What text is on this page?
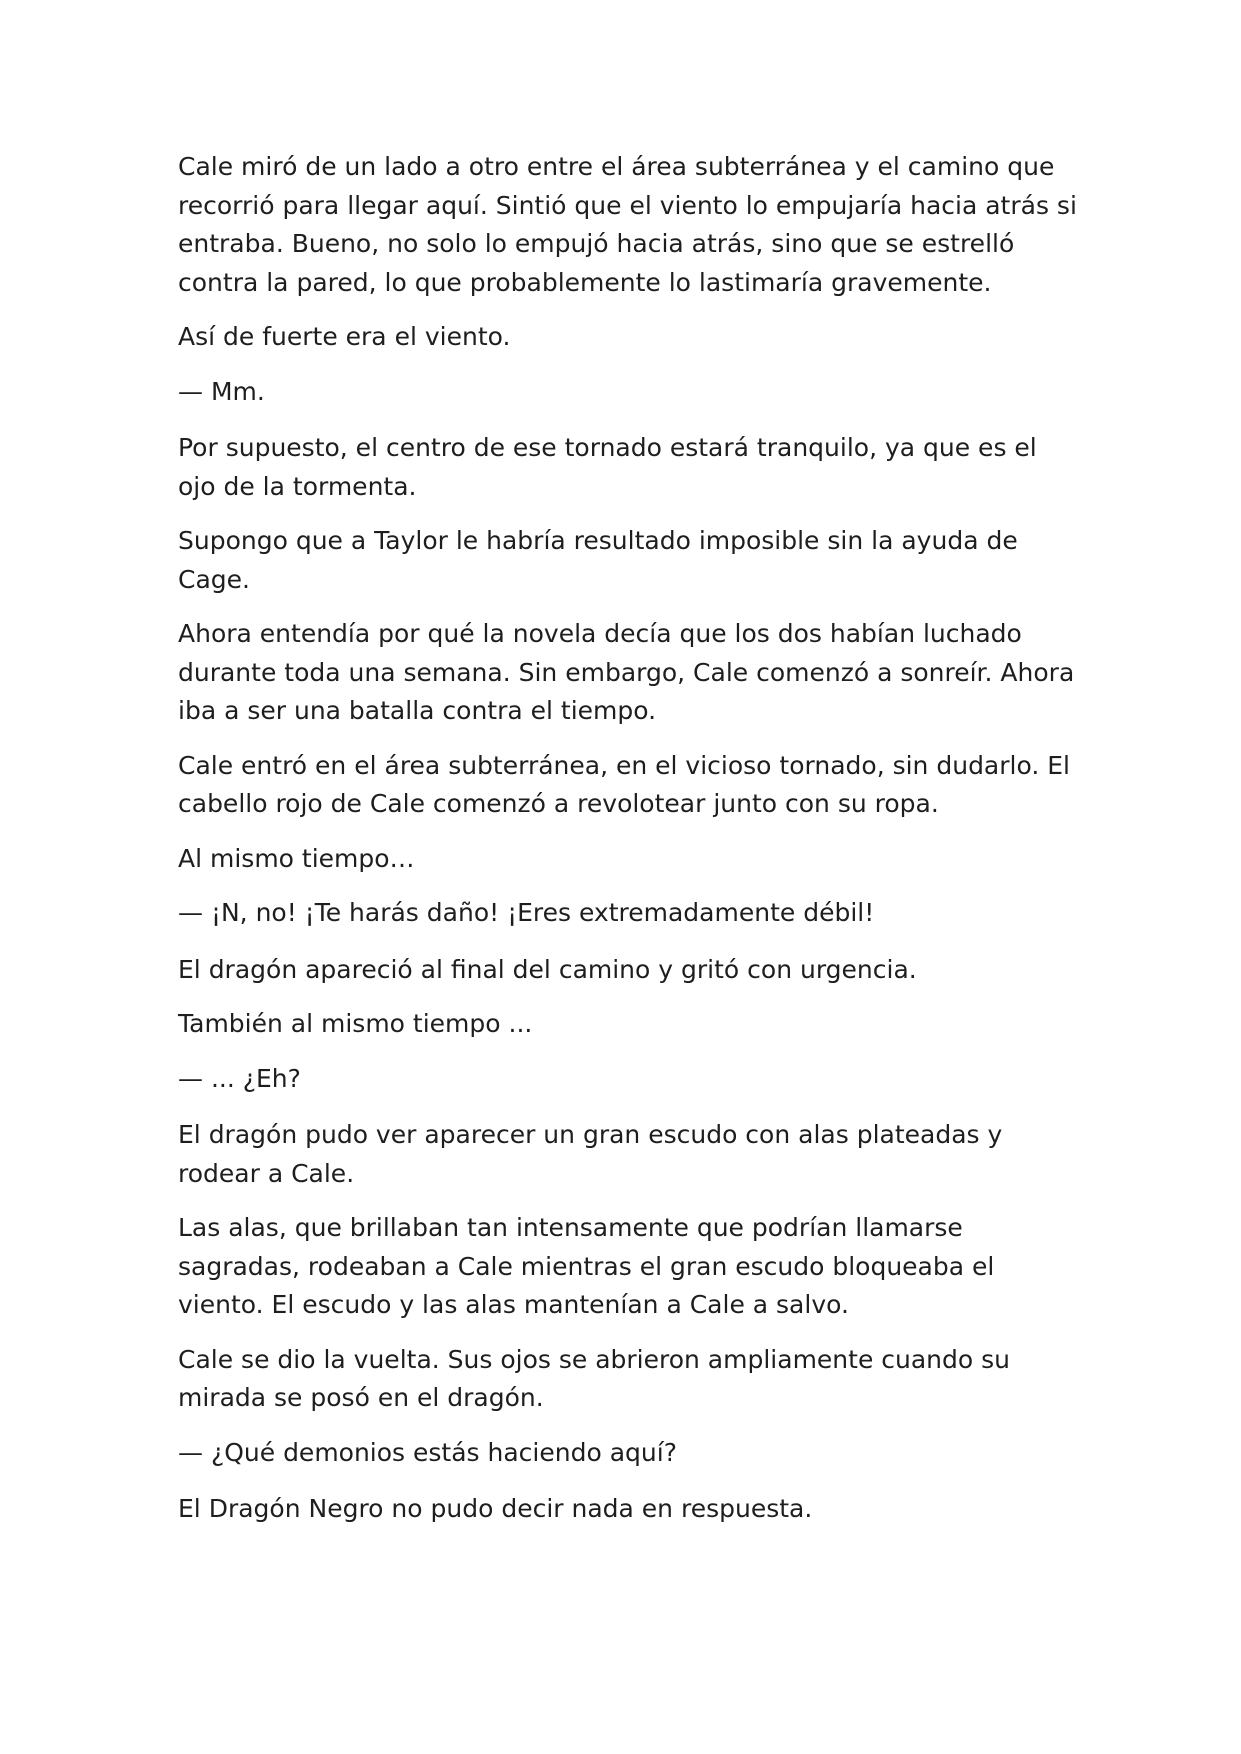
Cale miró de un lado a otro entre el área subterránea y el camino que recorrió para llegar aquí. Sintió que el viento lo empujaría hacia atrás si entraba. Bueno, no solo lo empujó hacia atrás, sino que se estrelló contra la pared, lo que probablemente lo lastimaría gravemente.

Así de fuerte era el viento.

— Mm.

Por supuesto, el centro de ese tornado estará tranquilo, ya que es el ojo de la tormenta.

Supongo que a Taylor le habría resultado imposible sin la ayuda de Cage.

Ahora entendía por qué la novela decía que los dos habían luchado durante toda una semana. Sin embargo, Cale comenzó a sonreír. Ahora iba a ser una batalla contra el tiempo.

Cale entró en el área subterránea, en el vicioso tornado, sin dudarlo. El cabello rojo de Cale comenzó a revolotear junto con su ropa.

Al mismo tiempo…

— ¡N, no! ¡Te harás daño! ¡Eres extremadamente débil!

El dragón apareció al final del camino y gritó con urgencia.

También al mismo tiempo ...

— ... ¿Eh?

El dragón pudo ver aparecer un gran escudo con alas plateadas y rodear a Cale.

Las alas, que brillaban tan intensamente que podrían llamarse sagradas, rodeaban a Cale mientras el gran escudo bloqueaba el viento. El escudo y las alas mantenían a Cale a salvo.

Cale se dio la vuelta. Sus ojos se abrieron ampliamente cuando su mirada se posó en el dragón.

— ¿Qué demonios estás haciendo aquí?

El Dragón Negro no pudo decir nada en respuesta.
